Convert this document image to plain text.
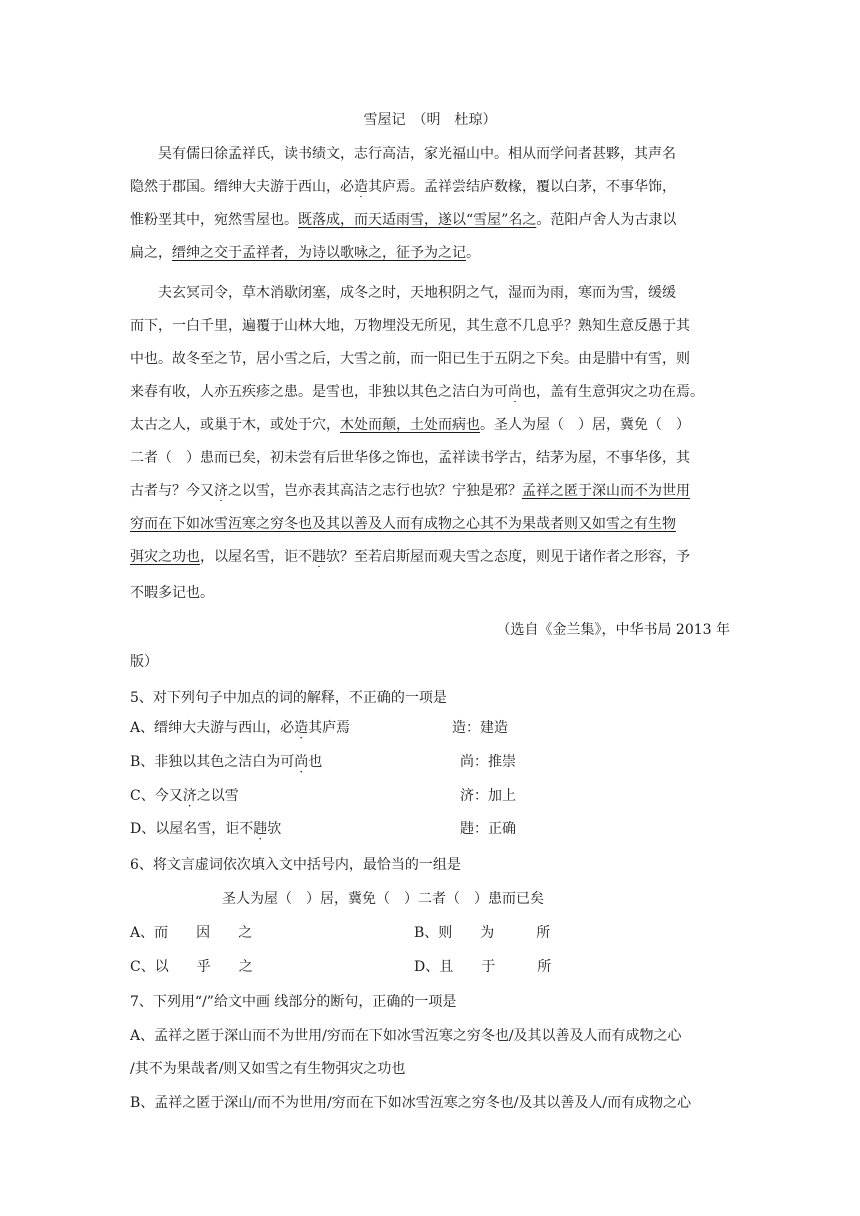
雪屋记　（明　杜琼）
吴有儒曰徐孟祥氏，读书绩文，志行高洁，家光福山中。相从而学问者甚夥，其声名
隐然于郡国。缙绅大夫游于西山，必造其庐焉。孟祥尝结庐数椽，覆以白茅，不事华饰，
惟粉垩其中，宛然雪屋也。既落成，而天适雨雪，遂以“雪屋”名之。范阳卢舍人为古隶以
扁之，缙绅之交于孟祥者，为诗以歌咏之，征予为之记。
夫玄冥司令，草木消歇闭塞，成冬之时，天地积阴之气，湿而为雨，寒而为雪，缓缓
而下，一白千里，遍覆于山林大地，万物埋没无所见，其生意不几息乎？熟知生意反愚于其
中也。故冬至之节，居小雪之后，大雪之前，而一阳已生于五阴之下矣。由是腊中有雪，则
来春有收，人亦五疾疹之患。是雪也，非独以其色之洁白为可尚也，盖有生意弭灾之功在焉。
太古之人，或巢于木，或处于穴，木处而颠，土处而病也。圣人为屋（　）居，冀免（　）
二者（　）患而已矣，初未尝有后世华侈之饰也，孟祥读书学古，结茅为屋，不事华侈，其
古者与？今又济之以雪，岂亦表其高洁之志行也欤？宁独是邪？孟祥之匿于深山而不为世用
穷而在下如冰雪沍寒之穷冬也及其以善及人而有成物之心其不为果哉者则又如雪之有生物
弭灾之功也，以屋名雪，讵不韪欤？至若启斯屋而观夫雪之态度，则见于诸作者之形容，予
不暇多记也。
（选自《金兰集》，中华书局 2013 年
版）
5、对下列句子中加点的词的解释，不正确的一项是
A、缙绅大夫游与西山，必造其庐焉	造：建造
B、非独以其色之洁白为可尚也	尚：推崇
C、今又济之以雪	济：加上
D、以屋名雪，讵不韪欤	韪：正确
6、将文言虚词依次填入文中括号内，最恰当的一组是
圣人为屋（　）居，冀免（　）二者（　）患而已矣
A、而　　因　　之	B、则　　为　　　所
C、以　　乎　　之	D、且　　于　　　所
7、下列用“/”给文中画 线部分的断句，正确的一项是
A、孟祥之匿于深山而不为世用/穷而在下如冰雪沍寒之穷冬也/及其以善及人而有成物之心
/其不为果哉者/则又如雪之有生物弭灾之功也
B、孟祥之匿于深山/而不为世用/穷而在下如冰雪沍寒之穷冬也/及其以善及人/而有成物之心
